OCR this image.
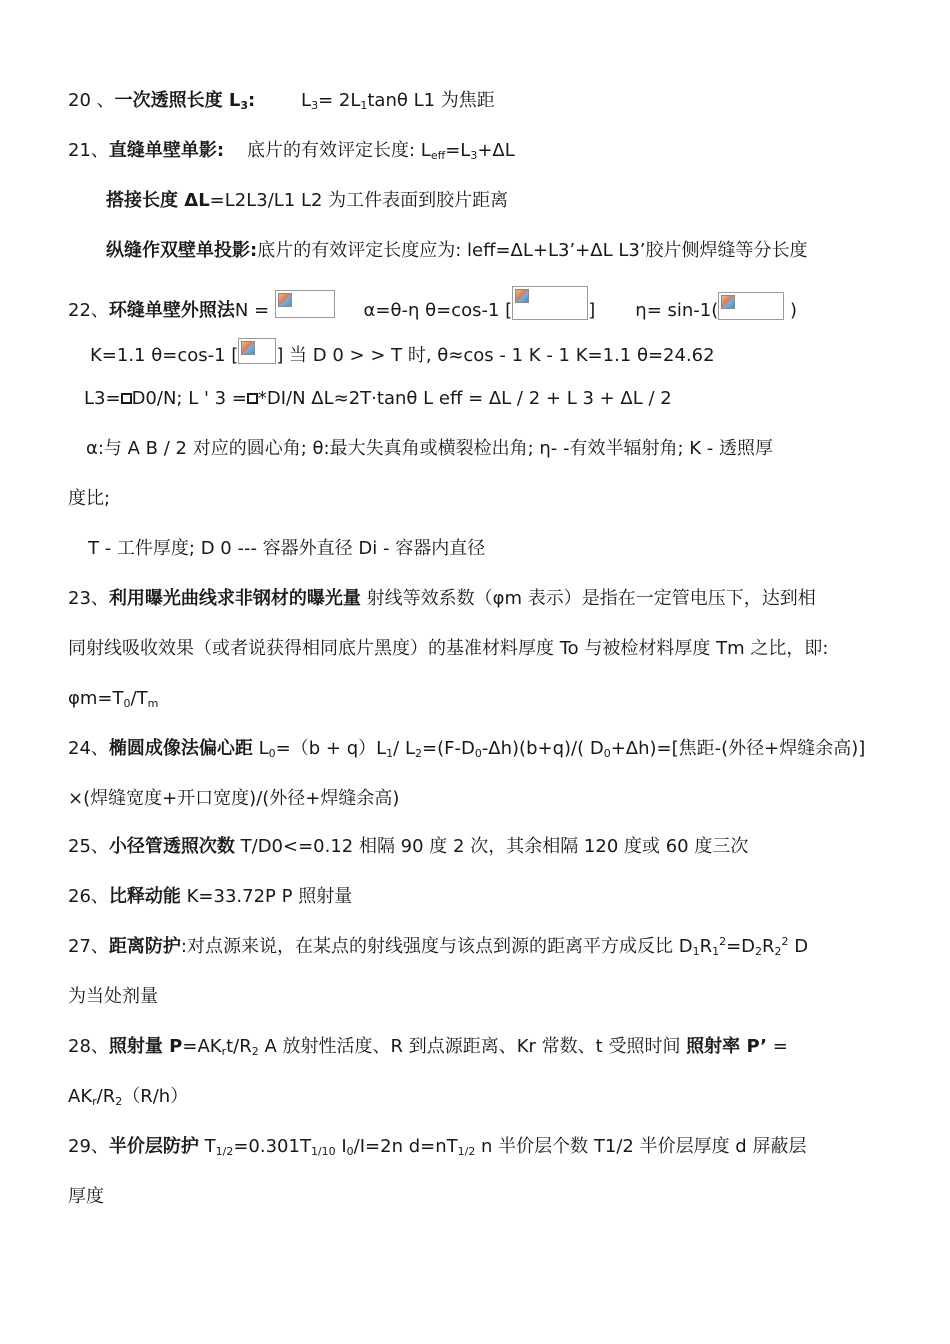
20 、一次透照长度 $L_3$:	$L_3= 2L_1\tan\theta$ L1 为焦距
21、直缝单壁单影: 底片的有效评定长度: $L_{eff}=L_3+\Delta L$
搭接长度 ΔL=L2L3/L1 L2 为工件表面到胶片距离
纵缝作双壁单投影:底片的有效评定长度应为: leff=ΔL+L3’+ΔL L3’胶片侧焊缝等分长度
22、环缝单壁外照法N =	α=θ-η θ=cos-1 [	] η= sin-1(	)
K=1.1 θ=cos-1 [ ] 当 D 0 > > T 时, θ≈cos - 1 K - 1 K=1.1 θ=24.62
L3= D0/N; L ' 3 = *DI/N ΔL≈2T·tanθ L eff = ΔL / 2 + L 3 + ΔL / 2
α:与 A B / 2 对应的圆心角; θ:最大失真角或横裂检出角; η- -有效半辐射角; K - 透照厚
度比;
T - 工件厚度; D 0 --- 容器外直径 Di - 容器内直径
23、利用曝光曲线求非钢材的曝光量 射线等效系数（φm 表示）是指在一定管电压下，达到相
同射线吸收效果（或者说获得相同底片黑度）的基准材料厚度 To 与被检材料厚度 Tm 之比，即:
$\varphi m=T_0/T_m$
24、椭圆成像法偏心距 $L_0=(b + q)L_1/$ $L_2=(F-D_0-\Delta h)(b+q)/$( $D_0+\Delta h)=$[焦距-(外径+焊缝余高)]
×(焊缝宽度+开口宽度)/(外径+焊缝余高)
25、小径管透照次数 T/D0<=0.12 相隔 90 度 2 次，其余相隔 120 度或 60 度三次
26、比释动能 K=33.72P P 照射量
27、距离防护:对点源来说，在某点的射线强度与该点到源的距离平方成反比 $D_1R_1^2=D_2R_2^2$ D
为当处剂量
28、照射量 $P=AK_rt/R_2$ A 放射性活度、R 到点源距离、Kr 常数、t 受照时间 照射率 P’ =
$AK_r/R_2(R/h)$
29、半价层防护 $T_{1/2}=0.301T_{1/10}$ $I_0/I=2n$ $d=nT_{1/2}$ n 半价层个数 T1/2 半价层厚度 d 屏蔽层
厚度
